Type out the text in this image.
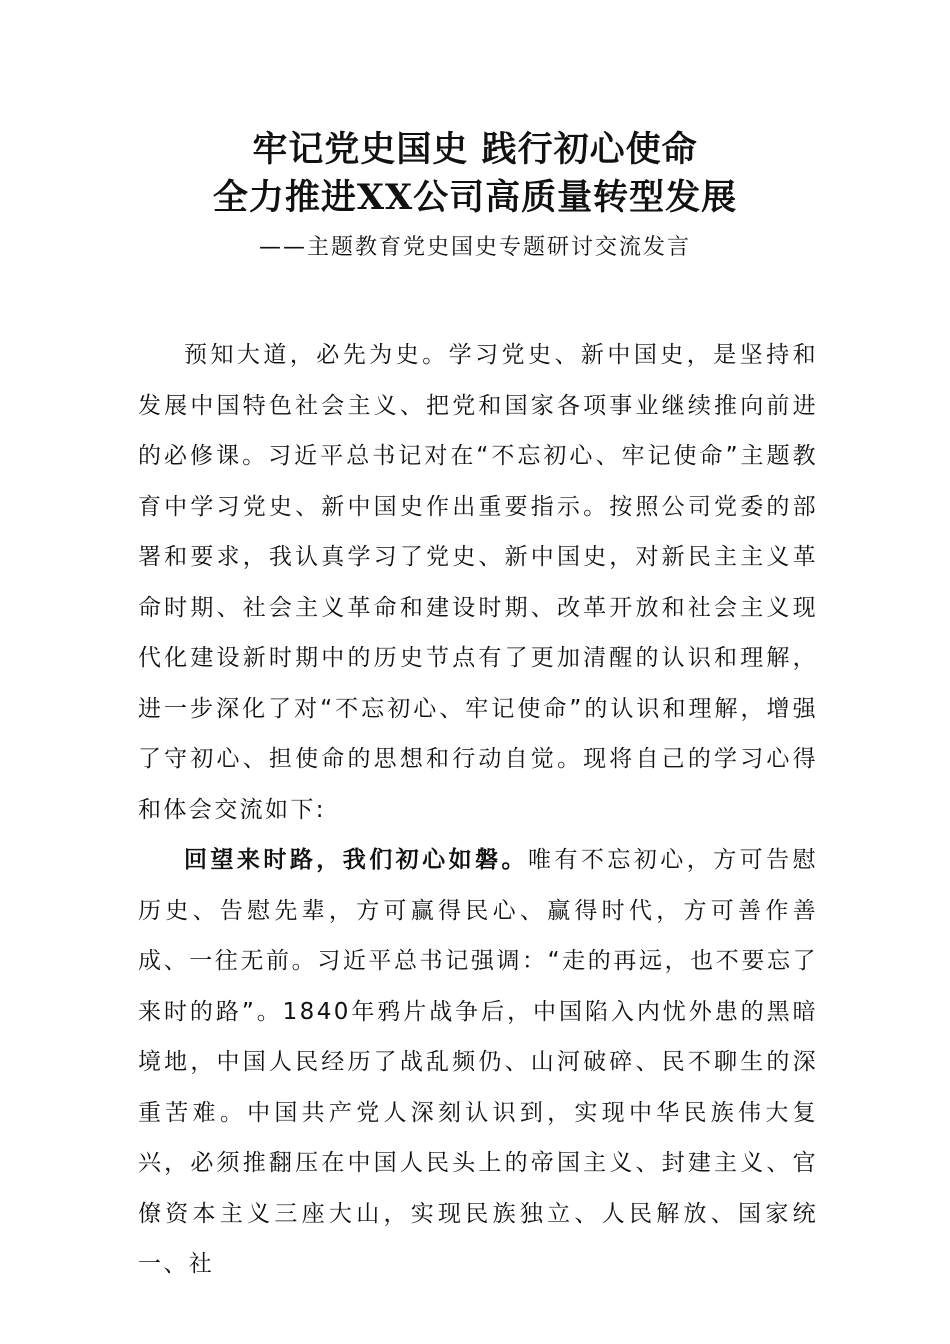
牢记党史国史 践行初心使命
全力推进XX公司高质量转型发展
——主题教育党史国史专题研讨交流发言

预知大道，必先为史。学习党史、新中国史，是坚持和发展中国特色社会主义、把党和国家各项事业继续推向前进的必修课。习近平总书记对在“不忘初心、牢记使命”主题教育中学习党史、新中国史作出重要指示。按照公司党委的部署和要求，我认真学习了党史、新中国史，对新民主主义革命时期、社会主义革命和建设时期、改革开放和社会主义现代化建设新时期中的历史节点有了更加清醒的认识和理解，进一步深化了对“不忘初心、牢记使命”的认识和理解，增强了守初心、担使命的思想和行动自觉。现将自己的学习心得和体会交流如下:

回望来时路，我们初心如磐。唯有不忘初心，方可告慰历史、告慰先辈，方可赢得民心、赢得时代，方可善作善成、一往无前。习近平总书记强调：“走的再远，也不要忘了来时的路”。1840年鸦片战争后，中国陷入内忧外患的黑暗境地，中国人民经历了战乱频仍、山河破碎、民不聊生的深重苦难。中国共产党人深刻认识到，实现中华民族伟大复兴，必须推翻压在中国人民头上的帝国主义、封建主义、官僚资本主义三座大山，实现民族独立、人民解放、国家统一、社
